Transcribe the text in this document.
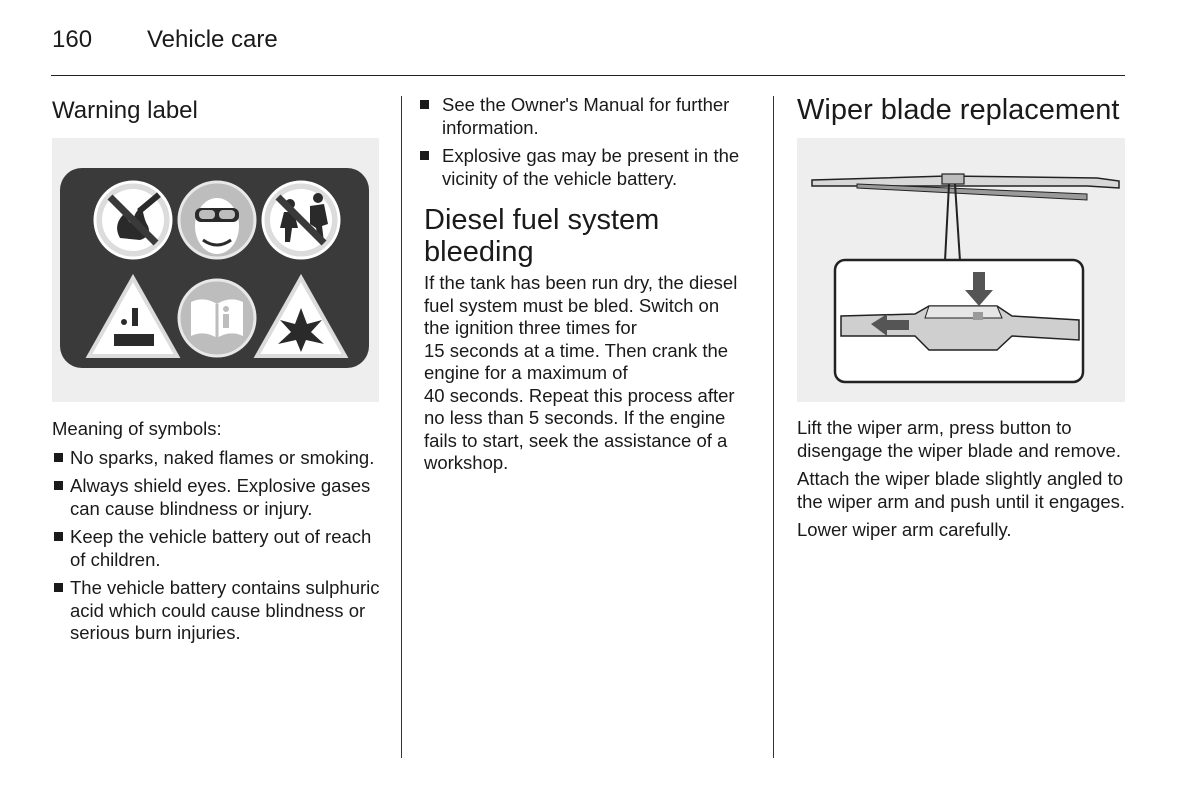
160 Vehicle care
Warning label

Meaning of symbols:

No sparks, naked flames or smoking.
Always shield eyes. Explosive gases can cause blindness or injury.
Keep the vehicle battery out of reach of children.
The vehicle battery contains sulphuric acid which could cause blindness or serious burn injuries.
See the Owner's Manual for further information.
Explosive gas may be present in the vicinity of the vehicle battery.
Diesel fuel system
bleeding
If the tank has been run dry, the diesel
fuel system must be bled. Switch on
the ignition three times for
15 seconds at a time. Then crank the
engine for a maximum of
40 seconds. Repeat this process after
no less than 5 seconds. If the engine
fails to start, seek the assistance of a
workshop.
Wiper blade replacement

Lift the wiper arm, press button to disengage the wiper blade and remove.

Attach the wiper blade slightly angled to the wiper arm and push until it engages.

Lower wiper arm carefully.
